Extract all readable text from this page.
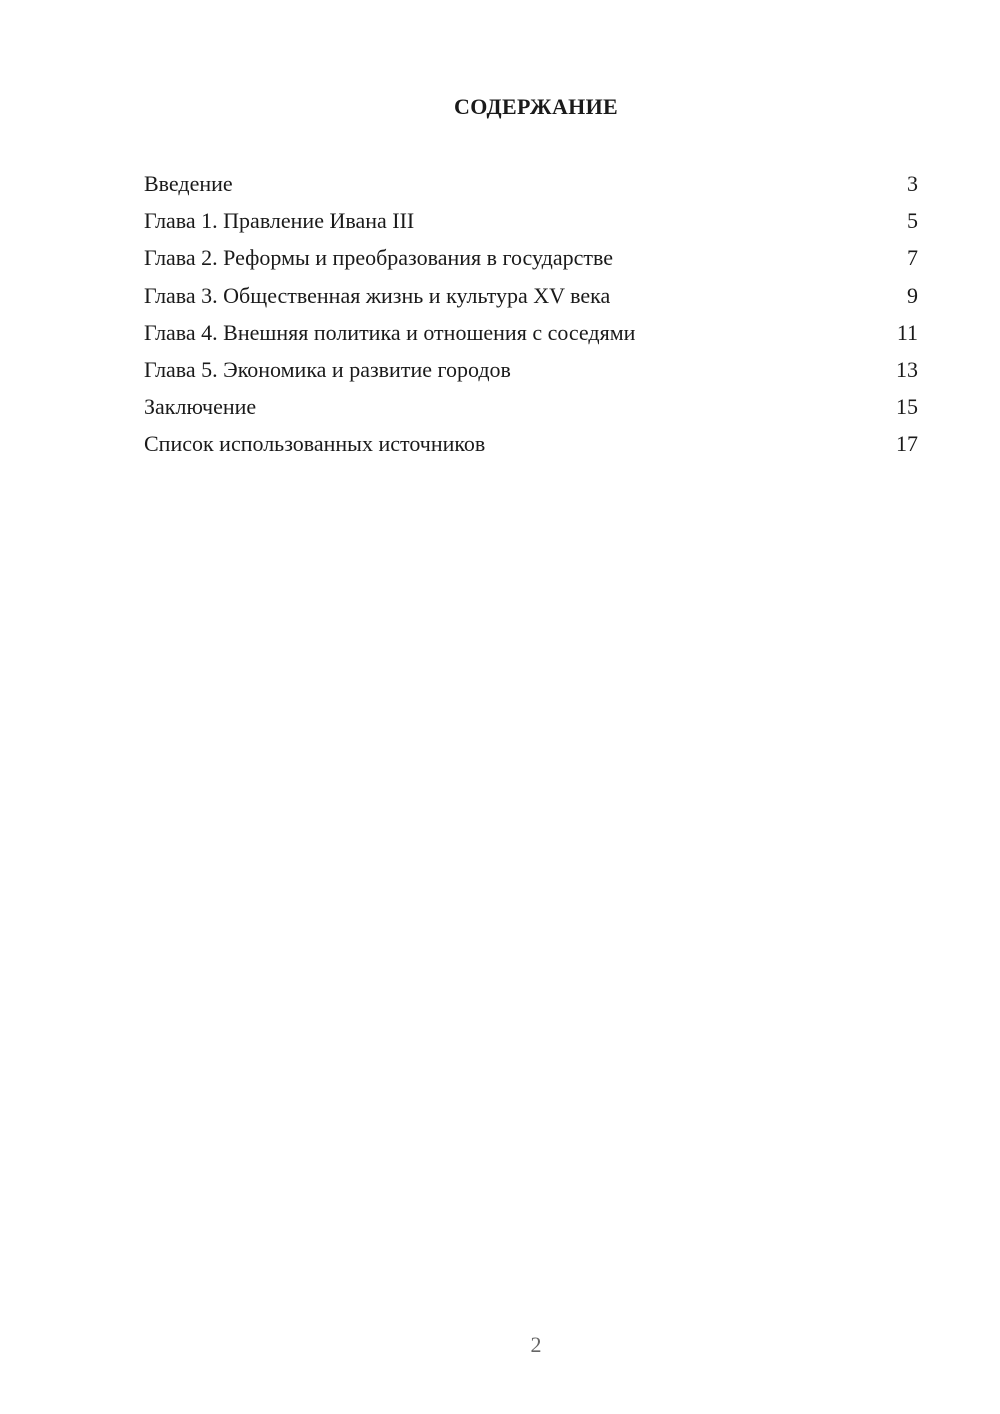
СОДЕРЖАНИЕ
Введение	3
Глава 1. Правление Ивана III	5
Глава 2. Реформы и преобразования в государстве	7
Глава 3. Общественная жизнь и культура XV века	9
Глава 4. Внешняя политика и отношения с соседями	11
Глава 5. Экономика и развитие городов	13
Заключение	15
Список использованных источников	17
2
